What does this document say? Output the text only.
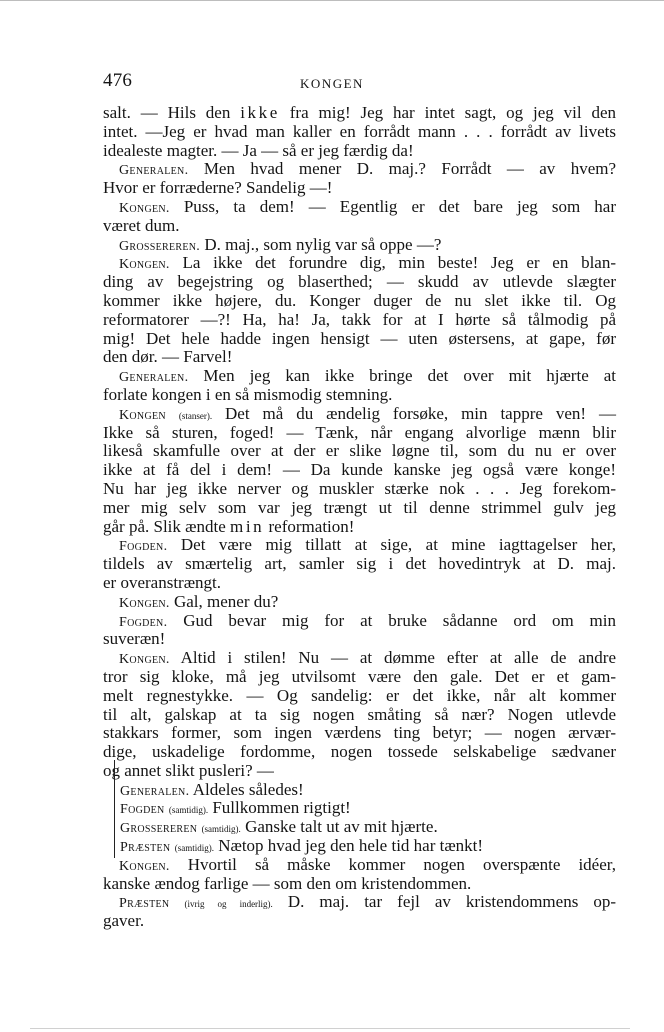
476	KONGEN
salt. — Hils den ikke fra mig! Jeg har intet sagt, og jeg vil den
intet. —Jeg er hvad man kaller en forrådt mann . . . forrådt av livets
idealeste magter. — Ja — så er jeg færdig da!
Generalen. Men hvad mener D. maj.? Forrådt — av hvem?
Hvor er forræderne? Sandelig —!
Kongen. Puss, ta dem! — Egentlig er det bare jeg som har
været dum.
Grossereren. D. maj., som nylig var så oppe —?
Kongen. La ikke det forundre dig, min beste! Jeg er en blan-
ding av begejstring og blaserthed; — skudd av utlevde slægter
kommer ikke højere, du. Konger duger de nu slet ikke til. Og
reformatorer —?! Ha, ha! Ja, takk for at I hørte så tålmodig på
mig! Det hele hadde ingen hensigt — uten østersens, at gape, før
den dør. — Farvel!
Generalen. Men jeg kan ikke bringe det over mit hjærte at
forlate kongen i en så mismodig stemning.
Kongen (stanser). Det må du ændelig forsøke, min tappre ven! —
Ikke så sturen, foged! — Tænk, når engang alvorlige mænn blir
likeså skamfulle over at der er slike løgne til, som du nu er over
ikke at få del i dem! — Da kunde kanske jeg også være konge!
Nu har jeg ikke nerver og muskler stærke nok . . . Jeg forekom-
mer mig selv som var jeg trængt ut til denne strimmel gulv jeg
går på. Slik ændte min reformation!
Fogden. Det være mig tillatt at sige, at mine iagttagelser her,
tildels av smærtelig art, samler sig i det hovedintryk at D. maj.
er overanstrængt.
Kongen. Gal, mener du?
Fogden. Gud bevar mig for at bruke sådanne ord om min
suveræn!
Kongen. Altid i stilen! Nu — at dømme efter at alle de andre
tror sig kloke, må jeg utvilsomt være den gale. Det er et gam-
melt regnestykke. — Og sandelig: er det ikke, når alt kommer
til alt, galskap at ta sig nogen småting så nær? Nogen utlevde
stakkars former, som ingen værdens ting betyr; — nogen ærvær-
dige, uskadelige fordomme, nogen tossede selskabelige sædvaner
og annet slikt pusleri? —
Generalen. Aldeles således!
Fogden (samtidig). Fullkommen rigtigt!
Grossereren (samtidig). Ganske talt ut av mit hjærte.
Præsten (samtidig). Nætop hvad jeg den hele tid har tænkt!
Kongen. Hvortil så måske kommer nogen overspænte idéer,
kanske ændog farlige — som den om kristendommen.
Præsten (ivrig og inderlig). D. maj. tar fejl av kristendommens op-
gaver.
